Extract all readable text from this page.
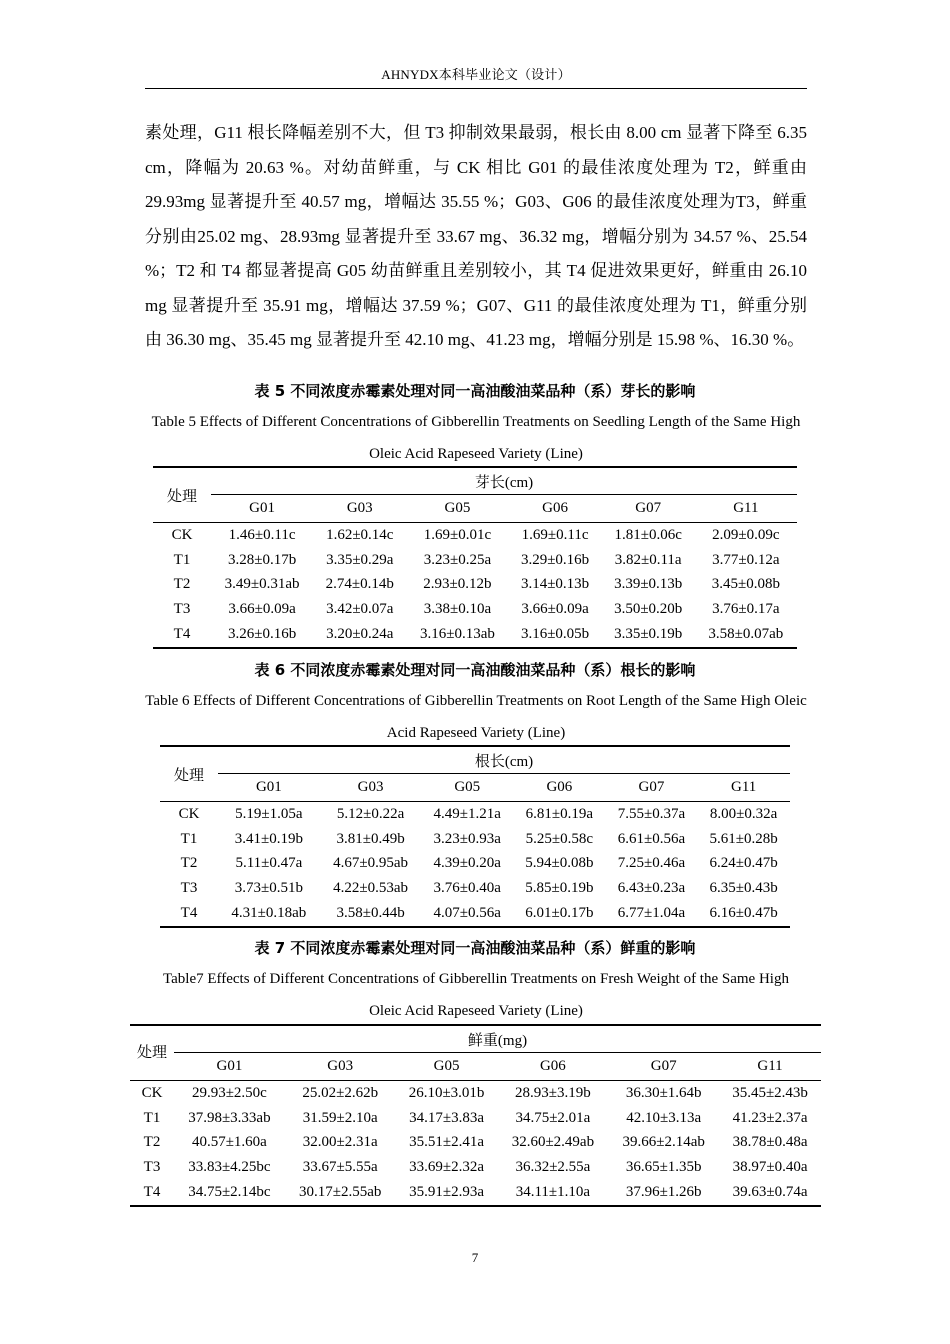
AHNYDX本科毕业论文（设计）

素处理，G11 根长降幅差别不大，但 T3 抑制效果最弱，根长由 8.00 cm 显著下降至 6.35 cm，降幅为 20.63 %。对幼苗鲜重，与 CK 相比 G01 的最佳浓度处理为 T2，鲜重由 29.93mg 显著提升至 40.57 mg，增幅达 35.55 %；G03、G06 的最佳浓度处理为T3，鲜重分别由25.02 mg、28.93mg 显著提升至 33.67 mg、36.32 mg，增幅分别为 34.57 %、25.54 %；T2 和 T4 都显著提高 G05 幼苗鲜重且差别较小，其 T4 促进效果更好，鲜重由 26.10 mg 显著提升至 35.91 mg，增幅达 37.59 %；G07、G11 的最佳浓度处理为 T1，鲜重分别由 36.30 mg、35.45 mg 显著提升至 42.10 mg、41.23 mg，增幅分别是 15.98 %、16.30 %。

表 5 不同浓度赤霉素处理对同一高油酸油菜品种（系）芽长的影响
Table 5 Effects of Different Concentrations of Gibberellin Treatments on Seedling Length of the Same High Oleic Acid Rapeseed Variety (Line)
处理	芽长(cm)					
	G01	G03	G05	G06	G07	G11
CK	1.46±0.11c	1.62±0.14c	1.69±0.01c	1.69±0.11c	1.81±0.06c	2.09±0.09c
T1	3.28±0.17b	3.35±0.29a	3.23±0.25a	3.29±0.16b	3.82±0.11a	3.77±0.12a
T2	3.49±0.31ab	2.74±0.14b	2.93±0.12b	3.14±0.13b	3.39±0.13b	3.45±0.08b
T3	3.66±0.09a	3.42±0.07a	3.38±0.10a	3.66±0.09a	3.50±0.20b	3.76±0.17a
T4	3.26±0.16b	3.20±0.24a	3.16±0.13ab	3.16±0.05b	3.35±0.19b	3.58±0.07ab
表 6 不同浓度赤霉素处理对同一高油酸油菜品种（系）根长的影响
Table 6 Effects of Different Concentrations of Gibberellin Treatments on Root Length of the Same High Oleic Acid Rapeseed Variety (Line)
处理	根长(cm)					
	G01	G03	G05	G06	G07	G11
CK	5.19±1.05a	5.12±0.22a	4.49±1.21a	6.81±0.19a	7.55±0.37a	8.00±0.32a
T1	3.41±0.19b	3.81±0.49b	3.23±0.93a	5.25±0.58c	6.61±0.56a	5.61±0.28b
T2	5.11±0.47a	4.67±0.95ab	4.39±0.20a	5.94±0.08b	7.25±0.46a	6.24±0.47b
T3	3.73±0.51b	4.22±0.53ab	3.76±0.40a	5.85±0.19b	6.43±0.23a	6.35±0.43b
T4	4.31±0.18ab	3.58±0.44b	4.07±0.56a	6.01±0.17b	6.77±1.04a	6.16±0.47b
表 7 不同浓度赤霉素处理对同一高油酸油菜品种（系）鲜重的影响
Table7 Effects of Different Concentrations of Gibberellin Treatments on Fresh Weight of the Same High Oleic Acid Rapeseed Variety (Line)
处理	鲜重(mg)					
	G01	G03	G05	G06	G07	G11
CK	29.93±2.50c	25.02±2.62b	26.10±3.01b	28.93±3.19b	36.30±1.64b	35.45±2.43b
T1	37.98±3.33ab	31.59±2.10a	34.17±3.83a	34.75±2.01a	42.10±3.13a	41.23±2.37a
T2	40.57±1.60a	32.00±2.31a	35.51±2.41a	32.60±2.49ab	39.66±2.14ab	38.78±0.48a
T3	33.83±4.25bc	33.67±5.55a	33.69±2.32a	36.32±2.55a	36.65±1.35b	38.97±0.40a
T4	34.75±2.14bc	30.17±2.55ab	35.91±2.93a	34.11±1.10a	37.96±1.26b	39.63±0.74a
7
